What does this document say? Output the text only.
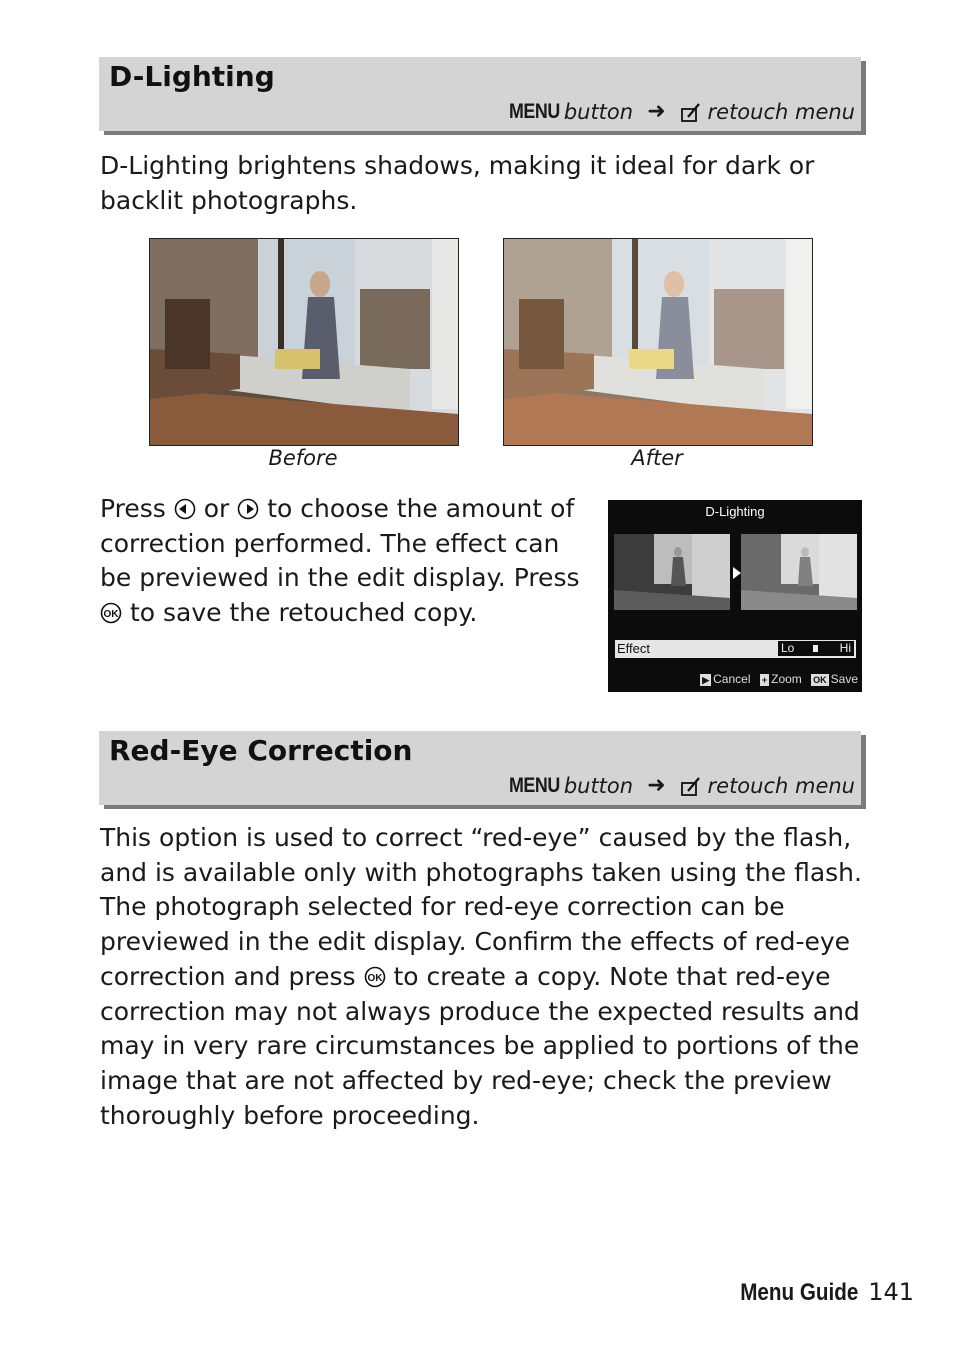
D-Lighting
MENU button ➜ retouch menu
D-Lighting brightens shadows, making it ideal for dark or backlit photographs.
Before	After
Press or to choose the amount of correction performed. The effect can be previewed in the edit display. Press
OK to save the retouched copy.
D-Lighting
Effect	Lo	Hi
▶ Cancel + Zoom OK Save
Red-Eye Correction
MENU button ➜ retouch menu
This option is used to correct “red-eye” caused by the flash, and is available only with photographs taken using the flash. The photograph selected for red-eye correction can be previewed in the edit display. Confirm the effects of red-eye correction and press OK to create a copy. Note that red-eye correction may not always produce the expected results and may in very rare circumstances be applied to portions of the image that are not affected by red-eye; check the preview thoroughly before proceeding.
Menu Guide 141
